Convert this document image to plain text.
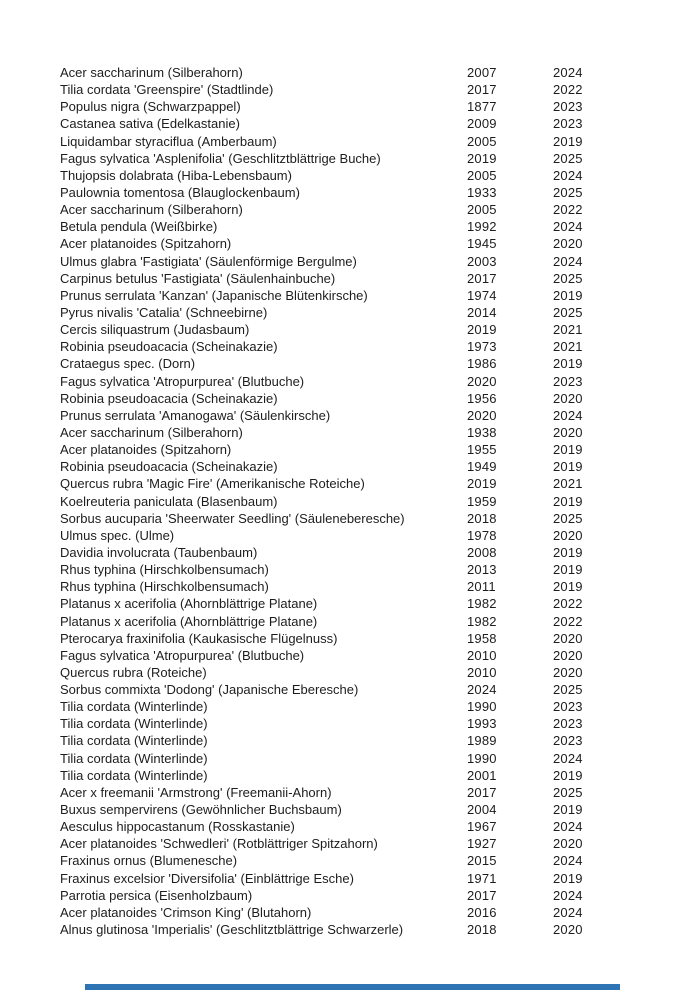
Acer saccharinum (Silberahorn)	2007	2024
Tilia cordata 'Greenspire' (Stadtlinde)	2017	2022
Populus nigra (Schwarzpappel)	1877	2023
Castanea sativa (Edelkastanie)	2009	2023
Liquidambar styraciflua (Amberbaum)	2005	2019
Fagus sylvatica 'Asplenifolia' (Geschlitztblättrige Buche)	2019	2025
Thujopsis dolabrata (Hiba-Lebensbaum)	2005	2024
Paulownia tomentosa (Blauglockenbaum)	1933	2025
Acer saccharinum (Silberahorn)	2005	2022
Betula pendula (Weißbirke)	1992	2024
Acer platanoides (Spitzahorn)	1945	2020
Ulmus glabra 'Fastigiata' (Säulenförmige Bergulme)	2003	2024
Carpinus betulus 'Fastigiata' (Säulenhainbuche)	2017	2025
Prunus serrulata 'Kanzan' (Japanische Blütenkirsche)	1974	2019
Pyrus nivalis 'Catalia' (Schneebirne)	2014	2025
Cercis siliquastrum (Judasbaum)	2019	2021
Robinia pseudoacacia (Scheinakazie)	1973	2021
Crataegus spec. (Dorn)	1986	2019
Fagus sylvatica 'Atropurpurea' (Blutbuche)	2020	2023
Robinia pseudoacacia (Scheinakazie)	1956	2020
Prunus serrulata 'Amanogawa' (Säulenkirsche)	2020	2024
Acer saccharinum (Silberahorn)	1938	2020
Acer platanoides (Spitzahorn)	1955	2019
Robinia pseudoacacia (Scheinakazie)	1949	2019
Quercus rubra 'Magic Fire' (Amerikanische Roteiche)	2019	2021
Koelreuteria paniculata (Blasenbaum)	1959	2019
Sorbus aucuparia 'Sheerwater Seedling' (Säuleneberesche)	2018	2025
Ulmus spec. (Ulme)	1978	2020
Davidia involucrata (Taubenbaum)	2008	2019
Rhus typhina (Hirschkolbensumach)	2013	2019
Rhus typhina (Hirschkolbensumach)	2011	2019
Platanus x acerifolia (Ahornblättrige Platane)	1982	2022
Platanus x acerifolia (Ahornblättrige Platane)	1982	2022
Pterocarya fraxinifolia (Kaukasische Flügelnuss)	1958	2020
Fagus sylvatica 'Atropurpurea' (Blutbuche)	2010	2020
Quercus rubra (Roteiche)	2010	2020
Sorbus commixta 'Dodong' (Japanische Eberesche)	2024	2025
Tilia cordata (Winterlinde)	1990	2023
Tilia cordata (Winterlinde)	1993	2023
Tilia cordata (Winterlinde)	1989	2023
Tilia cordata (Winterlinde)	1990	2024
Tilia cordata (Winterlinde)	2001	2019
Acer x freemanii 'Armstrong' (Freemanii-Ahorn)	2017	2025
Buxus sempervirens (Gewöhnlicher Buchsbaum)	2004	2019
Aesculus hippocastanum (Rosskastanie)	1967	2024
Acer platanoides 'Schwedleri' (Rotblättriger Spitzahorn)	1927	2020
Fraxinus ornus (Blumenesche)	2015	2024
Fraxinus excelsior 'Diversifolia' (Einblättrige Esche)	1971	2019
Parrotia persica (Eisenholzbaum)	2017	2024
Acer platanoides 'Crimson King' (Blutahorn)	2016	2024
Alnus glutinosa 'Imperialis' (Geschlitztblättrige Schwarzerle)	2018	2020
